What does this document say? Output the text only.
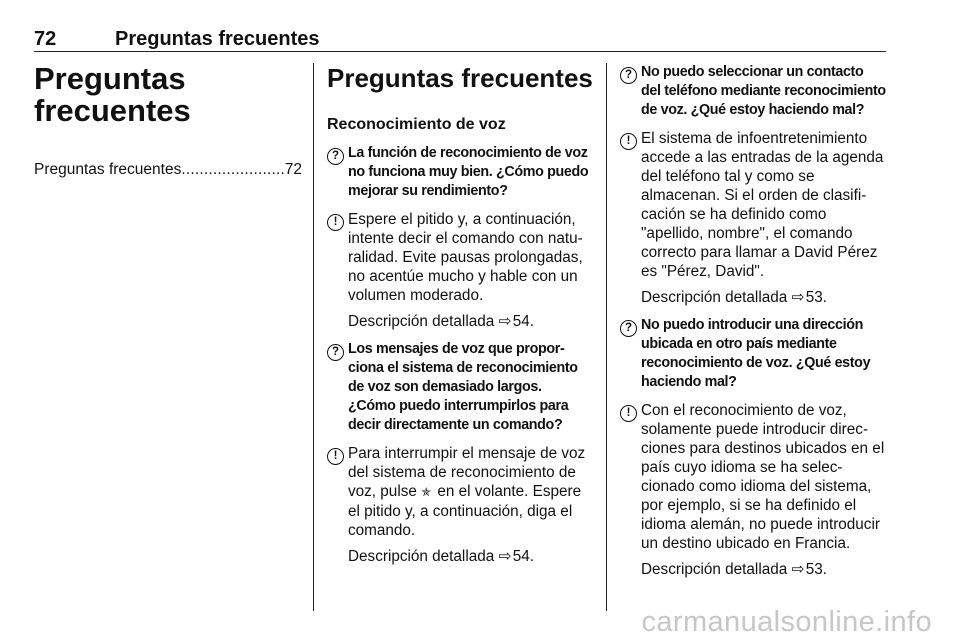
72	Preguntas frecuentes
Preguntas
frecuentes
Preguntas frecuentes
.....	72
Preguntas frecuentes
Reconocimiento de voz
? La función de reconocimiento de voz no funciona muy bien. ¿Cómo puedo mejorar su rendimiento?
! Espere el pitido y, a continuación, intente decir el comando con naturalidad. Evite pausas prolongadas, no acentúe mucho y hable con un volumen moderado.
Descripción detallada ⇨ 54.
? Los mensajes de voz que proporciona el sistema de reconocimiento de voz son demasiado largos. ¿Cómo puedo interrumpirlos para decir directamente un comando?
! Para interrumpir el mensaje de voz del sistema de reconocimiento de voz, pulse ✯ en el volante. Espere el pitido y, a continuación, diga el comando.
Descripción detallada ⇨ 54.
? No puedo seleccionar un contacto del teléfono mediante reconocimiento de voz. ¿Qué estoy haciendo mal?
! El sistema de infoentretenimiento accede a las entradas de la agenda del teléfono tal y como se almacenan. Si el orden de clasificación se ha definido como "apellido, nombre", el comando correcto para llamar a David Pérez es "Pérez, David".
Descripción detallada ⇨ 53.
? No puedo introducir una dirección ubicada en otro país mediante reconocimiento de voz. ¿Qué estoy haciendo mal?
! Con el reconocimiento de voz, solamente puede introducir direcciones para destinos ubicados en el país cuyo idioma se ha seleccionado como idioma del sistema, por ejemplo, si se ha definido el idioma alemán, no puede introducir un destino ubicado en Francia.
Descripción detallada ⇨ 53.
carmanualsonline.info
